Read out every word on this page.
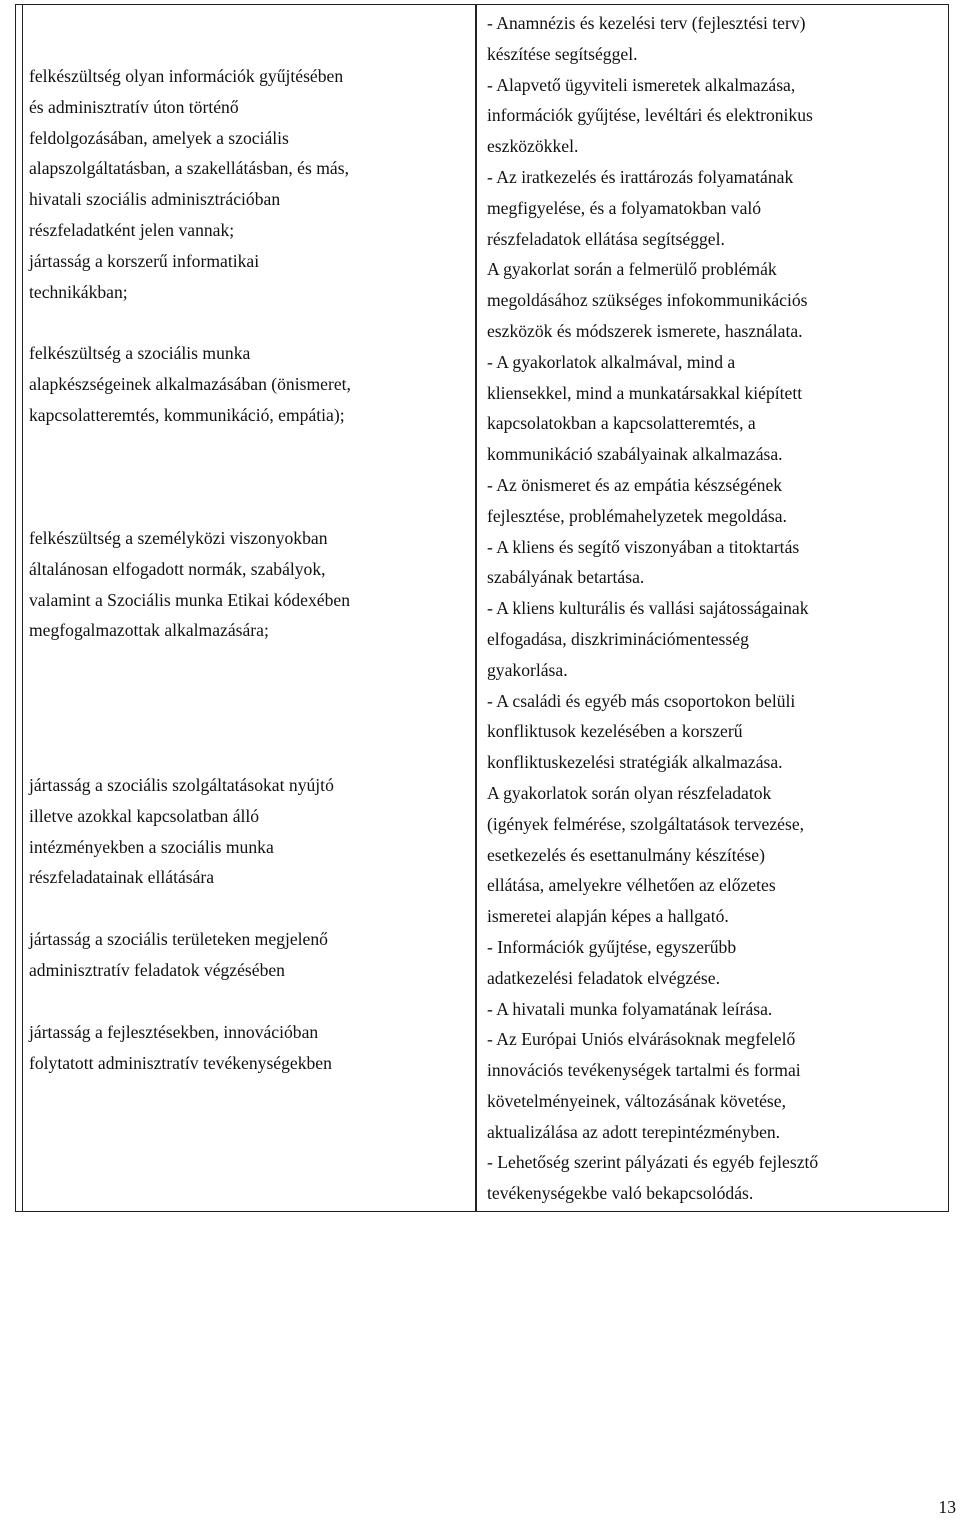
felkészültség olyan információk gyűjtésében
és adminisztratív úton történő
feldolgozásában, amelyek a szociális
alapszolgáltatásban, a szakellátásban, és más,
hivatali szociális adminisztrációban
részfeladatként jelen vannak;
jártasság a korszerű informatikai
technikákban;
felkészültség a szociális munka
alapkészségeinek alkalmazásában (önismeret,
kapcsolatteremtés, kommunikáció, empátia);
felkészültség a személyközi viszonyokban
általánosan elfogadott normák, szabályok,
valamint a Szociális munka Etikai kódexében
megfogalmazottak alkalmazására;
jártasság a szociális szolgáltatásokat nyújtó
illetve azokkal kapcsolatban álló
intézményekben a szociális munka
részfeladatainak ellátására
jártasság a szociális területeken megjelenő
adminisztratív feladatok végzésében
jártasság a fejlesztésekben, innovációban
folytatott adminisztratív tevékenységekben
- Anamnézis és kezelési terv (fejlesztési terv)
készítése segítséggel.
- Alapvető ügyviteli ismeretek alkalmazása,
információk gyűjtése, levéltári és elektronikus
eszközökkel.
- Az iratkezelés és irattározás folyamatának
megfigyelése, és a folyamatokban való
részfeladatok ellátása segítséggel.
A gyakorlat során a felmerülő problémák
megoldásához szükséges infokommunikációs
eszközök és módszerek ismerete, használata.
- A gyakorlatok alkalmával, mind a
kliensekkel, mind a munkatársakkal kiépített
kapcsolatokban a kapcsolatteremtés, a
kommunikáció szabályainak alkalmazása.
- Az önismeret és az empátia készségének
fejlesztése, problémahelyzetek megoldása.
- A kliens és segítő viszonyában a titoktartás
szabályának betartása.
- A kliens kulturális és vallási sajátosságainak
elfogadása, diszkriminációmentesség
gyakorlása.
- A családi és egyéb más csoportokon belüli
konfliktusok kezelésében a korszerű
konfliktuskezelési stratégiák alkalmazása.
A gyakorlatok során olyan részfeladatok
(igények felmérése, szolgáltatások tervezése,
esetkezelés és esettanulmány készítése)
ellátása, amelyekre vélhetően az előzetes
ismeretei alapján képes a hallgató.
- Információk gyűjtése, egyszerűbb
adatkezelési feladatok elvégzése.
- A hivatali munka folyamatának leírása.
- Az Európai Uniós elvárásoknak megfelelő
innovációs tevékenységek tartalmi és formai
követelményeinek, változásának követése,
aktualizálása az adott terepintézményben.
- Lehetőség szerint pályázati és egyéb fejlesztő
tevékenységekbe való bekapcsolódás.
13
